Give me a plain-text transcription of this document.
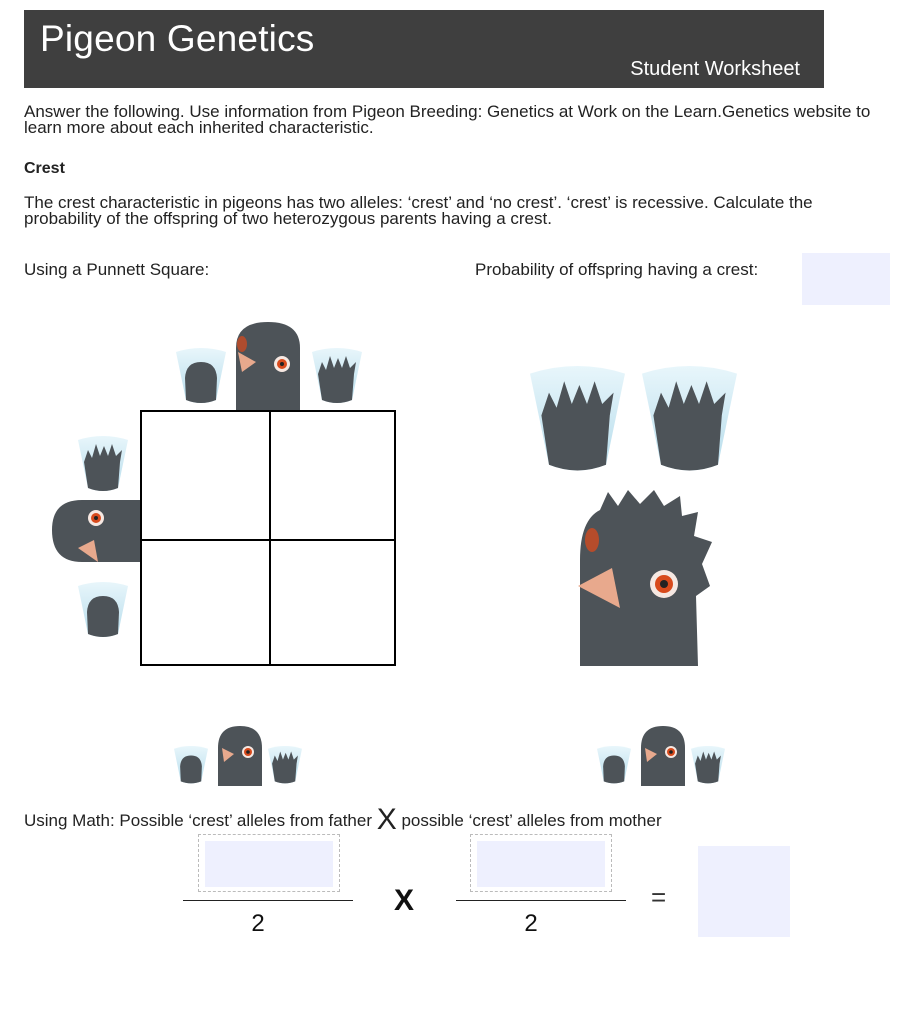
Pigeon Genetics
Student Worksheet
Answer the following. Use information from Pigeon Breeding: Genetics at Work on the Learn.Genetics website to learn more about each inherited characteristic.
Crest
The crest characteristic in pigeons has two alleles: ‘crest’ and ‘no crest’. ‘crest’ is recessive. Calculate the probability of the offspring of two heterozygous parents having a crest.
Using a Punnett Square:	Probability of offspring having a crest:
Using Math: Possible ‘crest’ alleles from father X possible ‘crest’ alleles from mother
2
X
2
=
